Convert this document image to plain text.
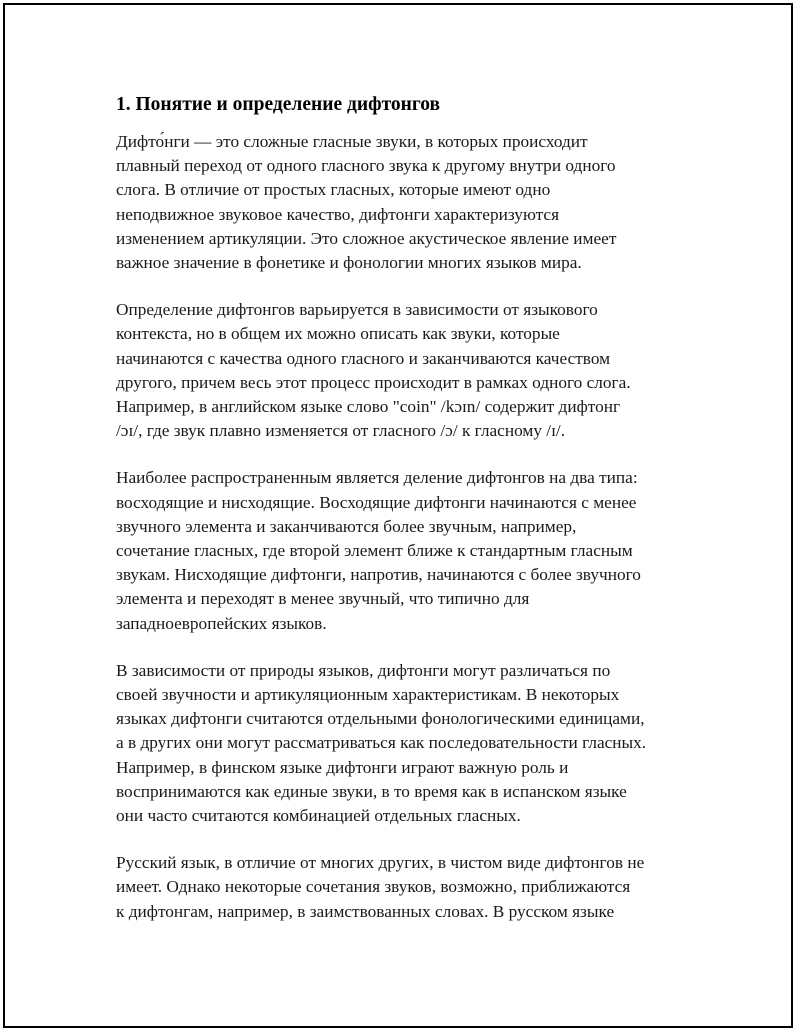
1. Понятие и определение дифтонгов

Дифто́нги — это сложные гласные звуки, в которых происходит
плавный переход от одного гласного звука к другому внутри одного
слога. В отличие от простых гласных, которые имеют одно
неподвижное звуковое качество, дифтонги характеризуются
изменением артикуляции. Это сложное акустическое явление имеет
важное значение в фонетике и фонологии многих языков мира.

Определение дифтонгов варьируется в зависимости от языкового
контекста, но в общем их можно описать как звуки, которые
начинаются с качества одного гласного и заканчиваются качеством
другого, причем весь этот процесс происходит в рамках одного слога.
Например, в английском языке слово "coin" /kɔɪn/ содержит дифтонг
/ɔɪ/, где звук плавно изменяется от гласного /ɔ/ к гласному /ɪ/.

Наиболее распространенным является деление дифтонгов на два типа:
восходящие и нисходящие. Восходящие дифтонги начинаются с менее
звучного элемента и заканчиваются более звучным, например,
сочетание гласных, где второй элемент ближе к стандартным гласным
звукам. Нисходящие дифтонги, напротив, начинаются с более звучного
элемента и переходят в менее звучный, что типично для
западноевропейских языков.

В зависимости от природы языков, дифтонги могут различаться по
своей звучности и артикуляционным характеристикам. В некоторых
языках дифтонги считаются отдельными фонологическими единицами,
а в других они могут рассматриваться как последовательности гласных.
Например, в финском языке дифтонги играют важную роль и
воспринимаются как единые звуки, в то время как в испанском языке
они часто считаются комбинацией отдельных гласных.

Русский язык, в отличие от многих других, в чистом виде дифтонгов не
имеет. Однако некоторые сочетания звуков, возможно, приближаются
к дифтонгам, например, в заимствованных словах. В русском языке
